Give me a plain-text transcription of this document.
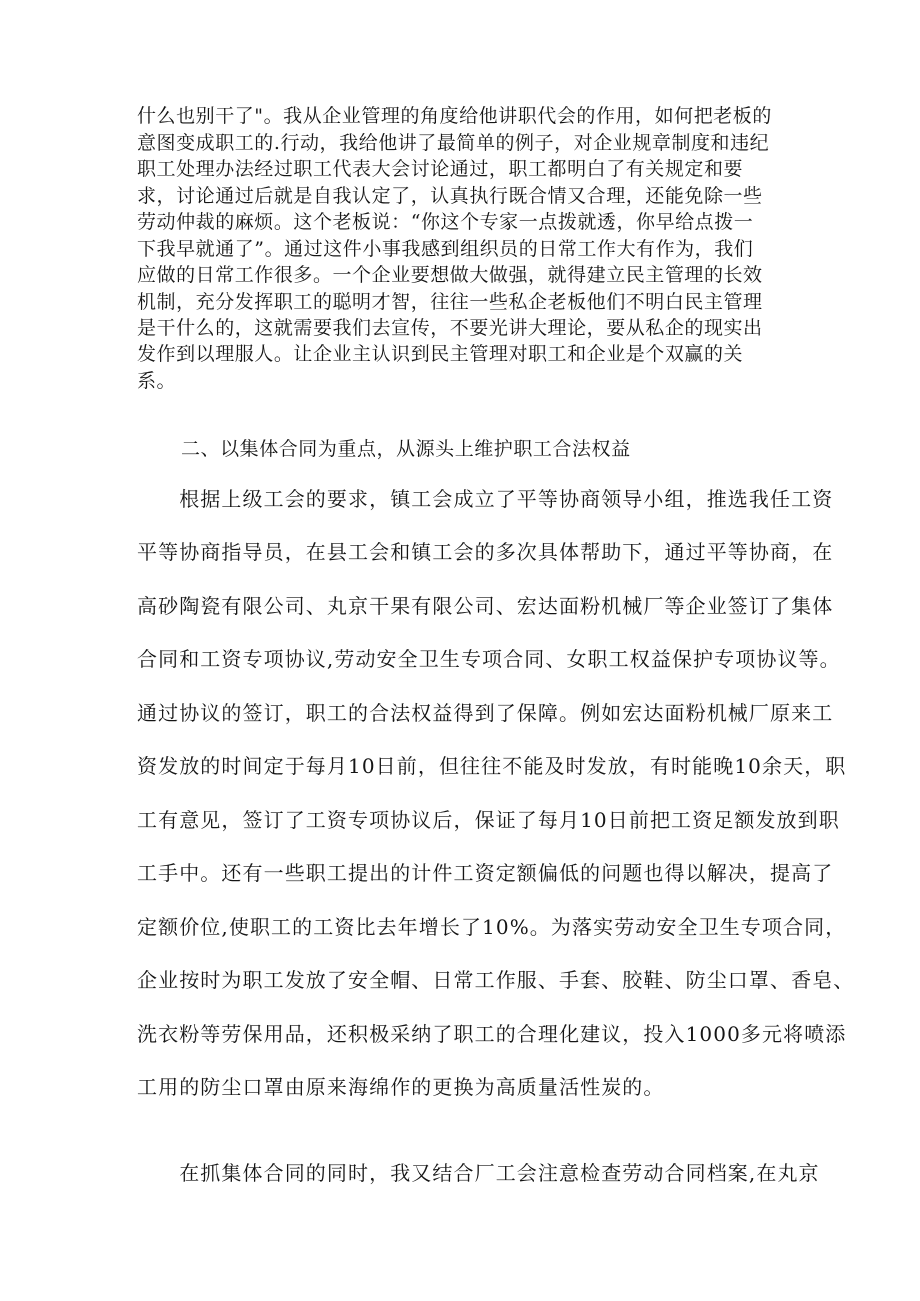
什么也别干了"。我从企业管理的角度给他讲职代会的作用，如何把老板的
意图变成职工的.行动，我给他讲了最简单的例子，对企业规章制度和违纪
职工处理办法经过职工代表大会讨论通过，职工都明白了有关规定和要
求，讨论通过后就是自我认定了，认真执行既合情又合理，还能免除一些
劳动仲裁的麻烦。这个老板说：“你这个专家一点拨就透，你早给点拨一
下我早就通了”。通过这件小事我感到组织员的日常工作大有作为，我们
应做的日常工作很多。一个企业要想做大做强，就得建立民主管理的长效
机制，充分发挥职工的聪明才智，往往一些私企老板他们不明白民主管理
是干什么的，这就需要我们去宣传，不要光讲大理论，要从私企的现实出
发作到以理服人。让企业主认识到民主管理对职工和企业是个双赢的关
系。
二、以集体合同为重点，从源头上维护职工合法权益
　　根据上级工会的要求，镇工会成立了平等协商领导小组，推选我任工资
平等协商指导员，在县工会和镇工会的多次具体帮助下，通过平等协商，在
高砂陶瓷有限公司、丸京干果有限公司、宏达面粉机械厂等企业签订了集体
合同和工资专项协议,劳动安全卫生专项合同、女职工权益保护专项协议等。
通过协议的签订，职工的合法权益得到了保障。例如宏达面粉机械厂原来工
资发放的时间定于每月10日前，但往往不能及时发放，有时能晚10余天，职
工有意见，签订了工资专项协议后，保证了每月10日前把工资足额发放到职
工手中。还有一些职工提出的计件工资定额偏低的问题也得以解决，提高了
定额价位,使职工的工资比去年增长了10%。为落实劳动安全卫生专项合同，
企业按时为职工发放了安全帽、日常工作服、手套、胶鞋、防尘口罩、香皂、
洗衣粉等劳保用品，还积极采纳了职工的合理化建议，投入1000多元将喷添
工用的防尘口罩由原来海绵作的更换为高质量活性炭的。
　　在抓集体合同的同时，我又结合厂工会注意检查劳动合同档案,在丸京
